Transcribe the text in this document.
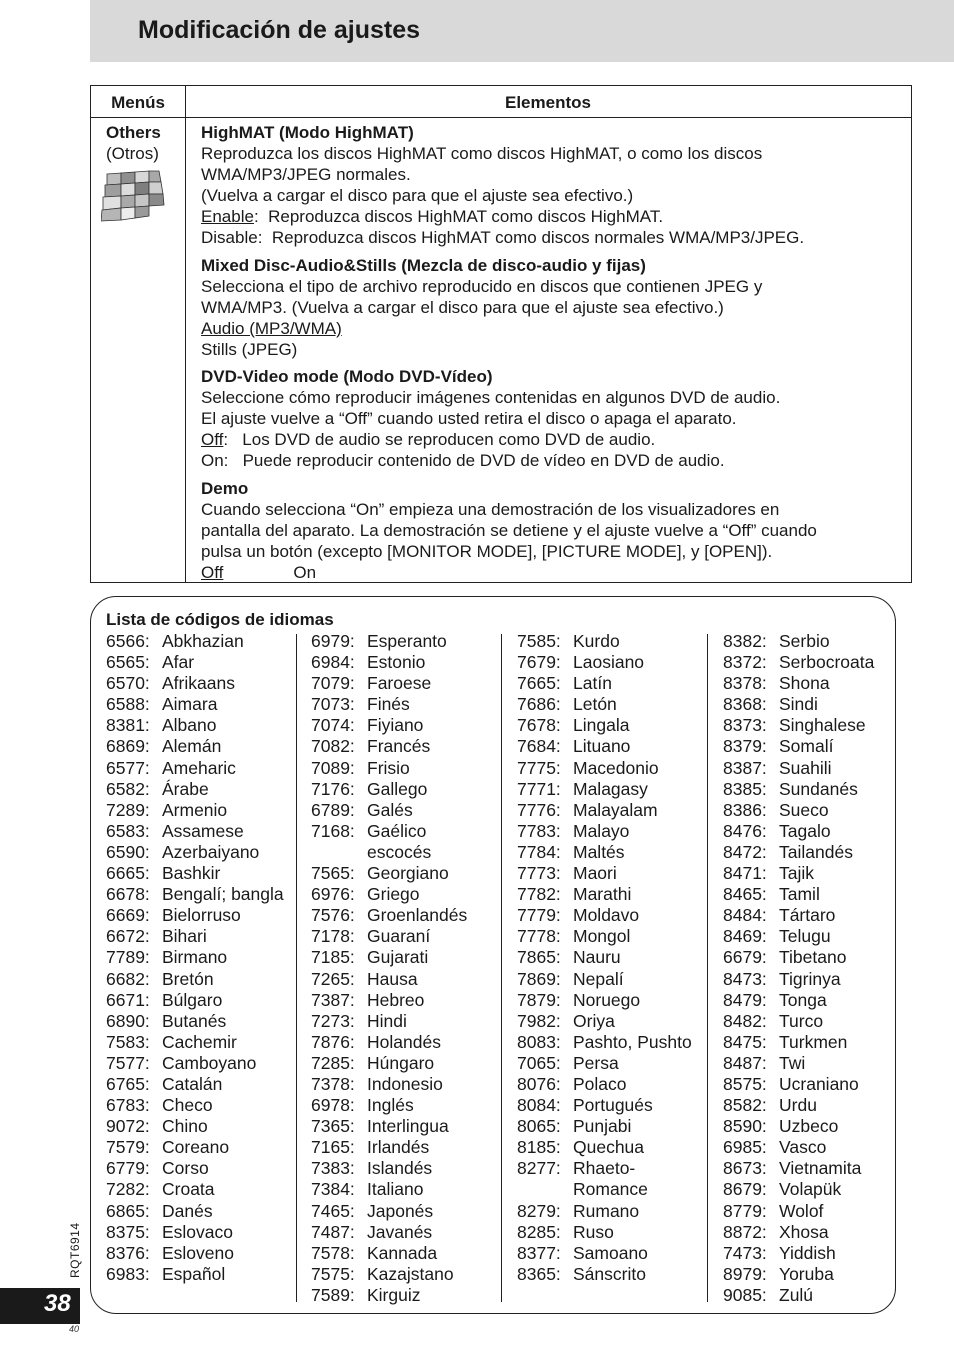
Modificación de ajustes
Menús	Elementos
Others
(Otros)
HighMAT (Modo HighMAT)
Reproduzca los discos HighMAT como discos HighMAT, o como los discos
WMA/MP3/JPEG normales.
(Vuelva a cargar el disco para que el ajuste sea efectivo.)
Enable : Reproduzca discos HighMAT como discos HighMAT.
Disable:
Reproduzca discos HighMAT como discos normales WMA/MP3/JPEG.
Mixed Disc-Audio&Stills (Mezcla de disco-audio y fijas)
Selecciona el tipo de archivo reproducido en discos que contienen JPEG y
WMA/MP3. (Vuelva a cargar el disco para que el ajuste sea efectivo.)
Audio (MP3/WMA)
Stills (JPEG)
DVD-Video mode (Modo DVD-Vídeo)
Seleccione cómo reproducir imágenes contenidas en algunos DVD de audio.
El ajuste vuelve a “Off” cuando usted retira el disco o apaga el aparato.
Off : Los DVD de audio se reproducen como DVD de audio.
On:
Puede reproducir contenido de DVD de vídeo en DVD de audio.
Demo
Cuando selecciona “On” empieza una demostración de los visualizadores en
pantalla del aparato. La demostración se detiene y el ajuste vuelve a “Off” cuando
pulsa un botón (excepto [MONITOR MODE], [PICTURE MODE], y [OPEN]).
Off	On
Lista de códigos de idiomas
6566: Abkhazian
6565: Afar
6570: Afrikaans
6588: Aimara
8381: Albano
6869: Alemán
6577: Ameharic
6582: Árabe
7289: Armenio
6583: Assamese
6590: Azerbaiyano
6665: Bashkir
6678: Bengalí; bangla
6669: Bielorruso
6672: Bihari
7789: Birmano
6682: Bretón
6671: Búlgaro
6890: Butanés
7583: Cachemir
7577: Camboyano
6765: Catalán
6783: Checo
9072: Chino
7579: Coreano
6779: Corso
7282: Croata
6865: Danés
8375: Eslovaco
8376: Esloveno
6983: Español
6979: Esperanto
6984: Estonio
7079: Faroese
7073: Finés
7074: Fiyiano
7082: Francés
7089: Frisio
7176: Gallego
6789: Galés
7168: Gaélico escocés
7565: Georgiano
6976: Griego
7576: Groenlandés
7178: Guaraní
7185: Gujarati
7265: Hausa
7387: Hebreo
7273: Hindi
7876: Holandés
7285: Húngaro
7378: Indonesio
6978: Inglés
7365: Interlingua
7165: Irlandés
7383: Islandés
7384: Italiano
7465: Japonés
7487: Javanés
7578: Kannada
7575: Kazajstano
7589: Kirguiz
7585: Kurdo
7679: Laosiano
7665: Latín
7686: Letón
7678: Lingala
7684: Lituano
7775: Macedonio
7771: Malagasy
7776: Malayalam
7783: Malayo
7784: Maltés
7773: Maori
7782: Marathi
7779: Moldavo
7778: Mongol
7865: Nauru
7869: Nepalí
7879: Noruego
7982: Oriya
8083: Pashto, Pushto
7065: Persa
8076: Polaco
8084: Portugués
8065: Punjabi
8185: Quechua
8277: Rhaeto-Romance
8279: Rumano
8285: Ruso
8377: Samoano
8365: Sánscrito
8382: Serbio
8372: Serbocroata
8378: Shona
8368: Sindi
8373: Singhalese
8379: Somalí
8387: Suahili
8385: Sundanés
8386: Sueco
8476: Tagalo
8472: Tailandés
8471: Tajik
8465: Tamil
8484: Tártaro
8469: Telugu
6679: Tibetano
8473: Tigrinya
8479: Tonga
8482: Turco
8475: Turkmen
8487: Twi
8575: Ucraniano
8582: Urdu
8590: Uzbeco
6985: Vasco
8673: Vietnamita
8679: Volapük
8779: Wolof
8872: Xhosa
7473: Yiddish
8979: Yoruba
9085: Zulú
RQT6914
38
40
